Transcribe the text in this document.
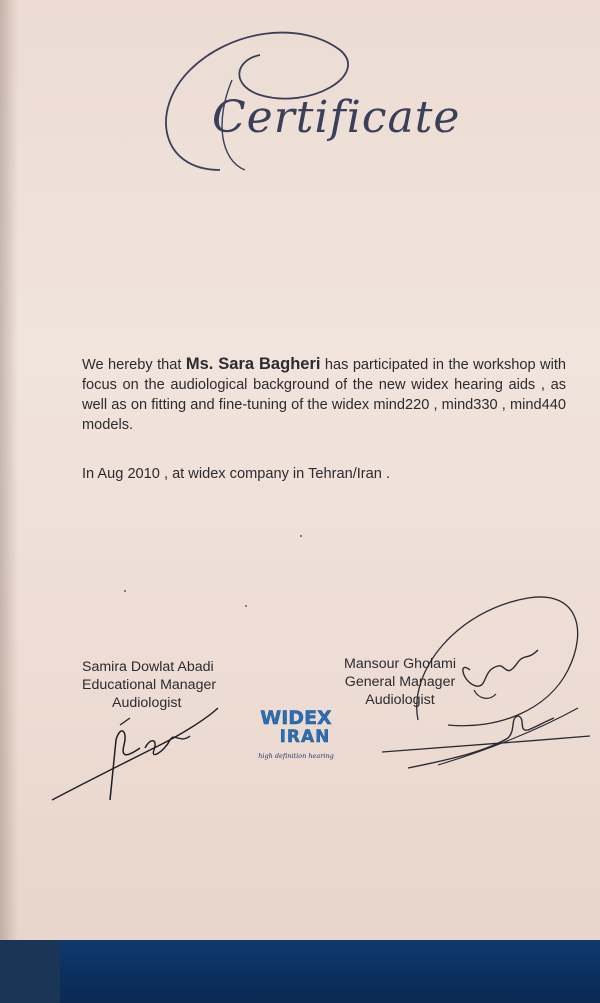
Certificate
We hereby that Ms. Sara Bagheri has participated in the workshop with focus on the audiological background of the new widex hearing aids , as well as on fitting and fine-tuning of the widex mind220 , mind330 , mind440 models.
In Aug 2010 , at widex company in Tehran/Iran .
Samira Dowlat Abadi
Educational Manager
Audiologist
Mansour Gholami
General Manager
Audiologist
WIDEX
IRAN
high definition hearing
